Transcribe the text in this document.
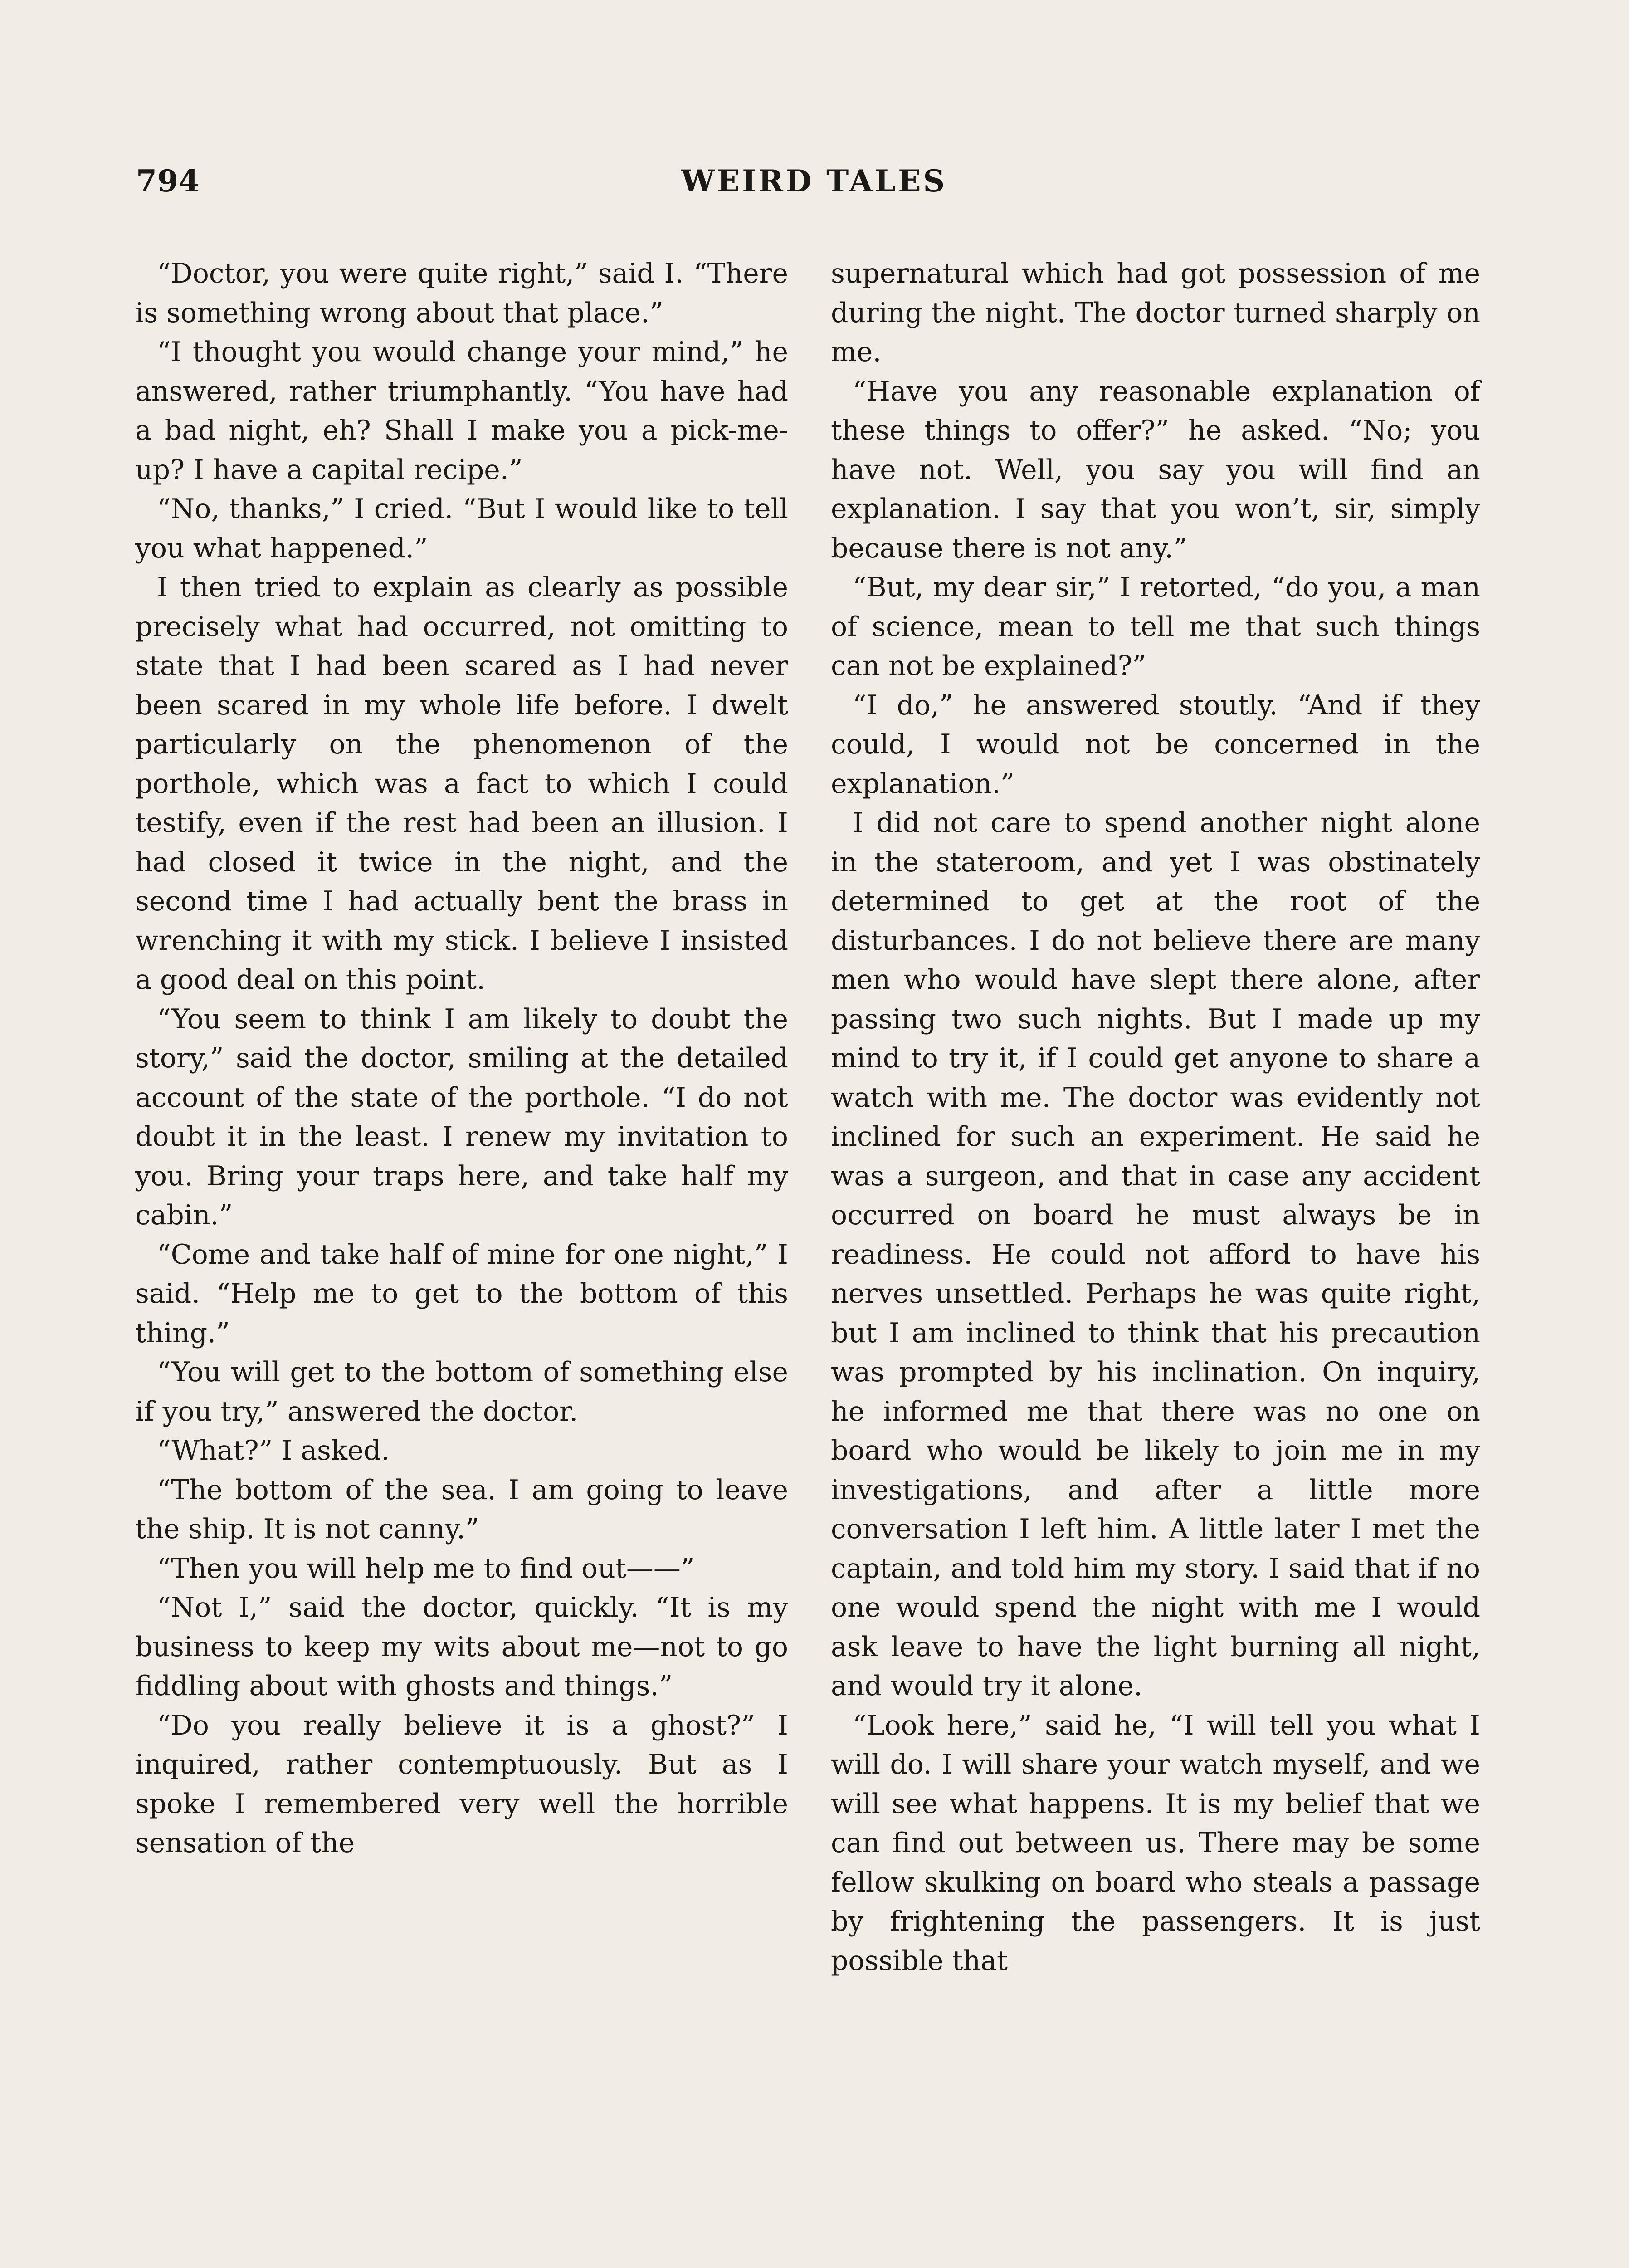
794	WEIRD TALES

“Doctor, you were quite right,” said I. “There is something wrong about that place.”

“I thought you would change your mind,” he answered, rather triumphantly. “You have had a bad night, eh? Shall I make you a pick-me-up? I have a capital recipe.”

“No, thanks,” I cried. “But I would like to tell you what happened.”

I then tried to explain as clearly as possible precisely what had occurred, not omitting to state that I had been scared as I had never been scared in my whole life before. I dwelt particularly on the phenomenon of the porthole, which was a fact to which I could testify, even if the rest had been an illusion. I had closed it twice in the night, and the second time I had actually bent the brass in wrenching it with my stick. I believe I insisted a good deal on this point.

“You seem to think I am likely to doubt the story,” said the doctor, smiling at the detailed account of the state of the porthole. “I do not doubt it in the least. I renew my invitation to you. Bring your traps here, and take half my cabin.”

“Come and take half of mine for one night,” I said. “Help me to get to the bottom of this thing.”

“You will get to the bottom of something else if you try,” answered the doctor.

“What?” I asked.

“The bottom of the sea. I am going to leave the ship. It is not canny.”

“Then you will help me to find out——”

“Not I,” said the doctor, quickly. “It is my business to keep my wits about me—not to go fiddling about with ghosts and things.”

“Do you really believe it is a ghost?” I inquired, rather contemptuously. But as I spoke I remembered very well the horrible sensation of the

supernatural which had got possession of me during the night. The doctor turned sharply on me.

“Have you any reasonable explanation of these things to offer?” he asked. “No; you have not. Well, you say you will find an explanation. I say that you won’t, sir, simply because there is not any.”

“But, my dear sir,” I retorted, “do you, a man of science, mean to tell me that such things can not be explained?”

“I do,” he answered stoutly. “And if they could, I would not be concerned in the explanation.”

I did not care to spend another night alone in the stateroom, and yet I was obstinately determined to get at the root of the disturbances. I do not believe there are many men who would have slept there alone, after passing two such nights. But I made up my mind to try it, if I could get anyone to share a watch with me. The doctor was evidently not inclined for such an experiment. He said he was a surgeon, and that in case any accident occurred on board he must always be in readiness. He could not afford to have his nerves unsettled. Perhaps he was quite right, but I am inclined to think that his precaution was prompted by his inclination. On inquiry, he informed me that there was no one on board who would be likely to join me in my investigations, and after a little more conversation I left him. A little later I met the captain, and told him my story. I said that if no one would spend the night with me I would ask leave to have the light burning all night, and would try it alone.

“Look here,” said he, “I will tell you what I will do. I will share your watch myself, and we will see what happens. It is my belief that we can find out between us. There may be some fellow skulking on board who steals a passage by frightening the passengers. It is just possible that
